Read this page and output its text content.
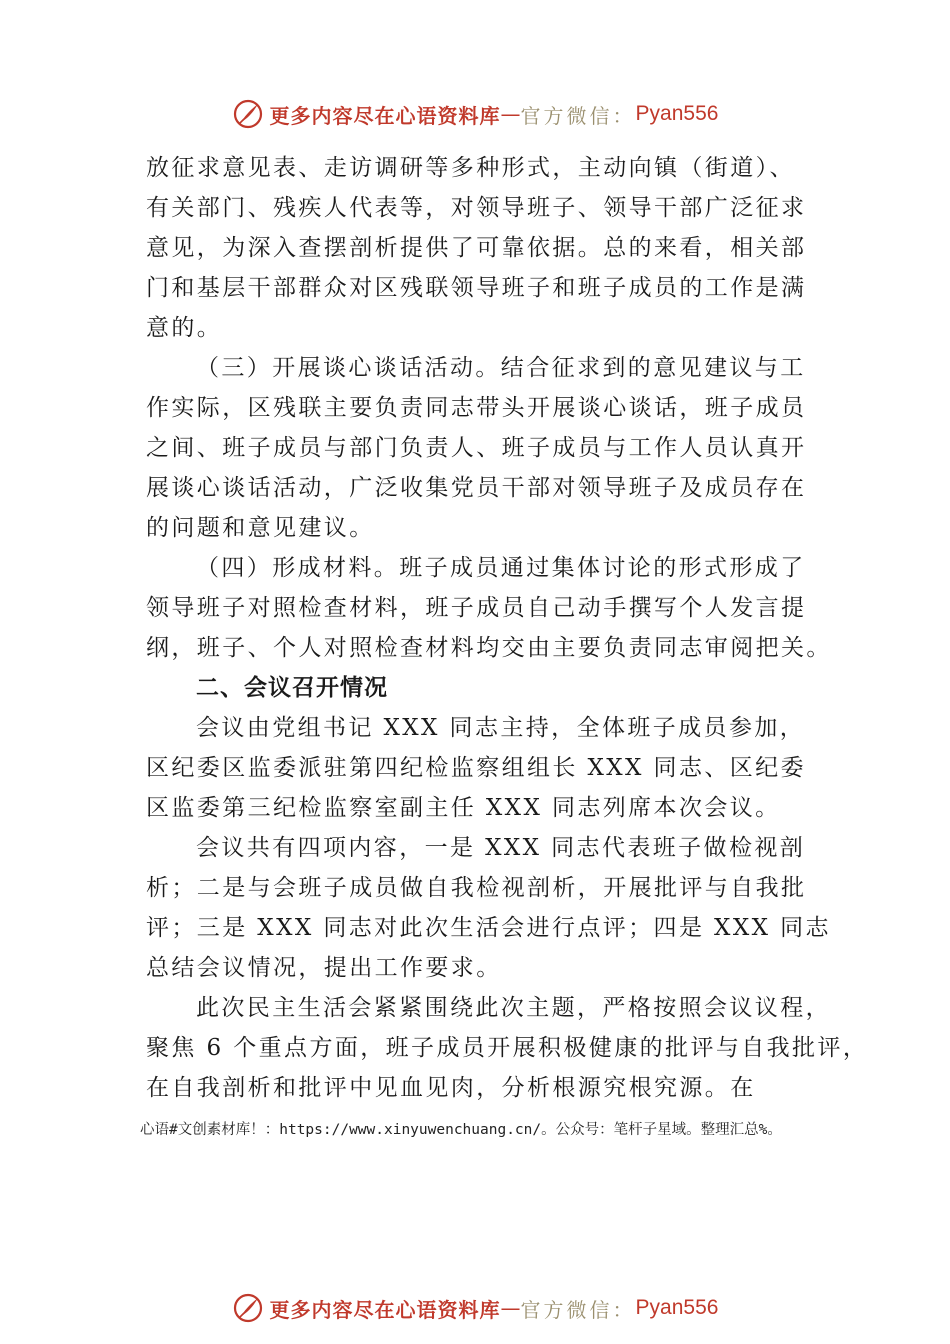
更多内容尽在心语资料库 — 官方微信： Pyan556
放征求意见表、走访调研等多种形式，主动向镇（街道）、
有关部门、残疾人代表等，对领导班子、领导干部广泛征求
意见，为深入查摆剖析提供了可靠依据。总的来看，相关部
门和基层干部群众对区残联领导班子和班子成员的工作是满
意的。
（三）开展谈心谈话活动。结合征求到的意见建议与工
作实际，区残联主要负责同志带头开展谈心谈话，班子成员
之间、班子成员与部门负责人、班子成员与工作人员认真开
展谈心谈话活动，广泛收集党员干部对领导班子及成员存在
的问题和意见建议。
（四）形成材料。班子成员通过集体讨论的形式形成了
领导班子对照检查材料，班子成员自己动手撰写个人发言提
纲，班子、个人对照检查材料均交由主要负责同志审阅把关。
二、会议召开情况
会议由党组书记 XXX 同志主持，全体班子成员参加，
区纪委区监委派驻第四纪检监察组组长 XXX 同志、区纪委
区监委第三纪检监察室副主任 XXX 同志列席本次会议。
会议共有四项内容，一是 XXX 同志代表班子做检视剖
析；二是与会班子成员做自我检视剖析，开展批评与自我批
评；三是 XXX 同志对此次生活会进行点评；四是 XXX 同志
总结会议情况，提出工作要求。
此次民主生活会紧紧围绕此次主题，严格按照会议议程，
聚焦 6 个重点方面，班子成员开展积极健康的批评与自我批评，
在自我剖析和批评中见血见肉，分析根源究根究源。在
心语#文创素材库！：https://www.xinyuwenchuang.cn/。公众号：笔杆子星域。整理汇总%。
更多内容尽在心语资料库 — 官方微信： Pyan556
